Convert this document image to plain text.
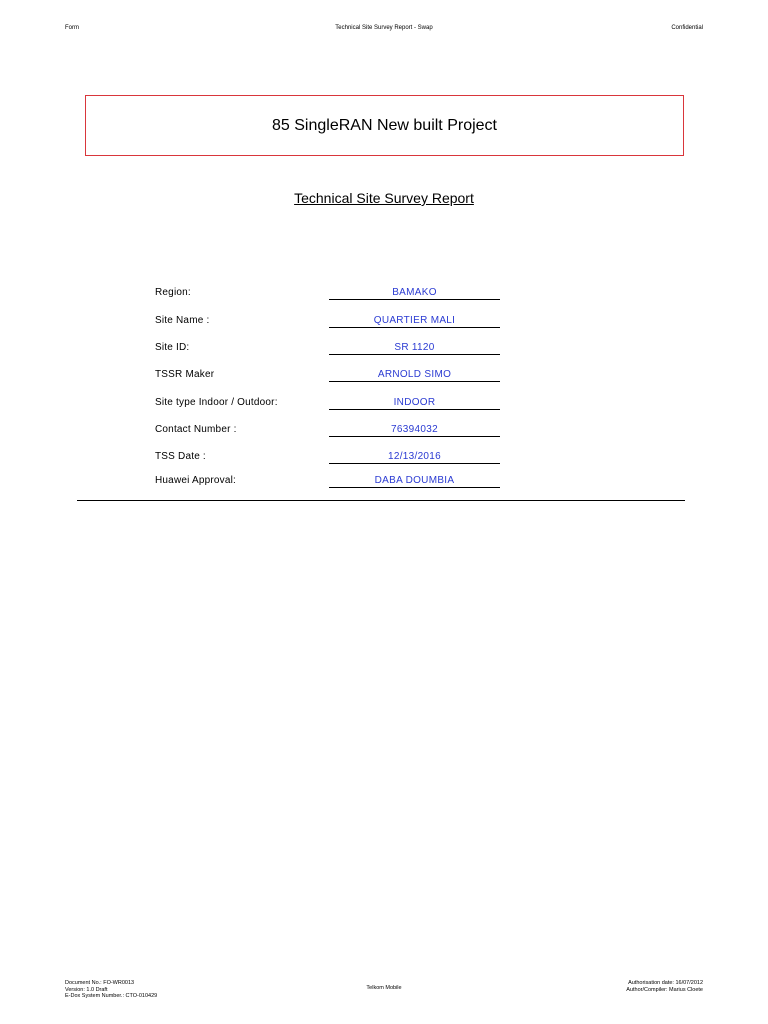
Form	Technical Site Survey Report - Swap	Confidential
85 SingleRAN New built Project
Technical Site Survey Report
Region:	BAMAKO
Site Name :	QUARTIER MALI
Site ID:	SR 1120
TSSR Maker	ARNOLD SIMO
Site type Indoor / Outdoor:	INDOOR
Contact Number :	76394032
TSS Date :	12/13/2016
Huawei Approval:	DABA DOUMBIA
Document No.: FO-WR0013
Version: 1.0 Draft
E-Dox System Number.: CTO-010429
Telkom Mobile
Authorisation date: 16/07/2012
Author/Compiler: Marius Cloete
